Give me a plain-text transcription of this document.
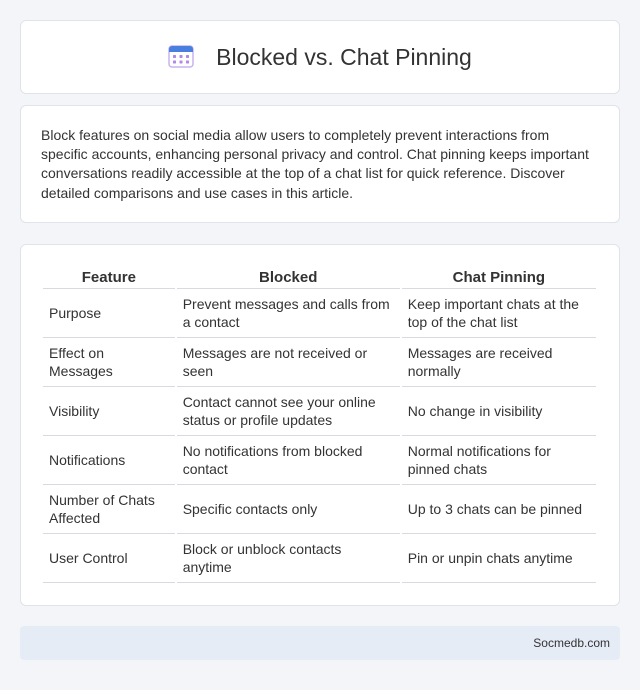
Blocked vs. Chat Pinning

Block features on social media allow users to completely prevent interactions from specific accounts, enhancing personal privacy and control. Chat pinning keeps important conversations readily accessible at the top of a chat list for quick reference. Discover detailed comparisons and use cases in this article.

Feature	Blocked	Chat Pinning
Purpose	Prevent messages and calls from a contact	Keep important chats at the top of the chat list
Effect on Messages	Messages are not received or seen	Messages are received normally
Visibility	Contact cannot see your online status or profile updates	No change in visibility
Notifications	No notifications from blocked contact	Normal notifications for pinned chats
Number of Chats Affected	Specific contacts only	Up to 3 chats can be pinned
User Control	Block or unblock contacts anytime	Pin or unpin chats anytime
Socmedb.com
